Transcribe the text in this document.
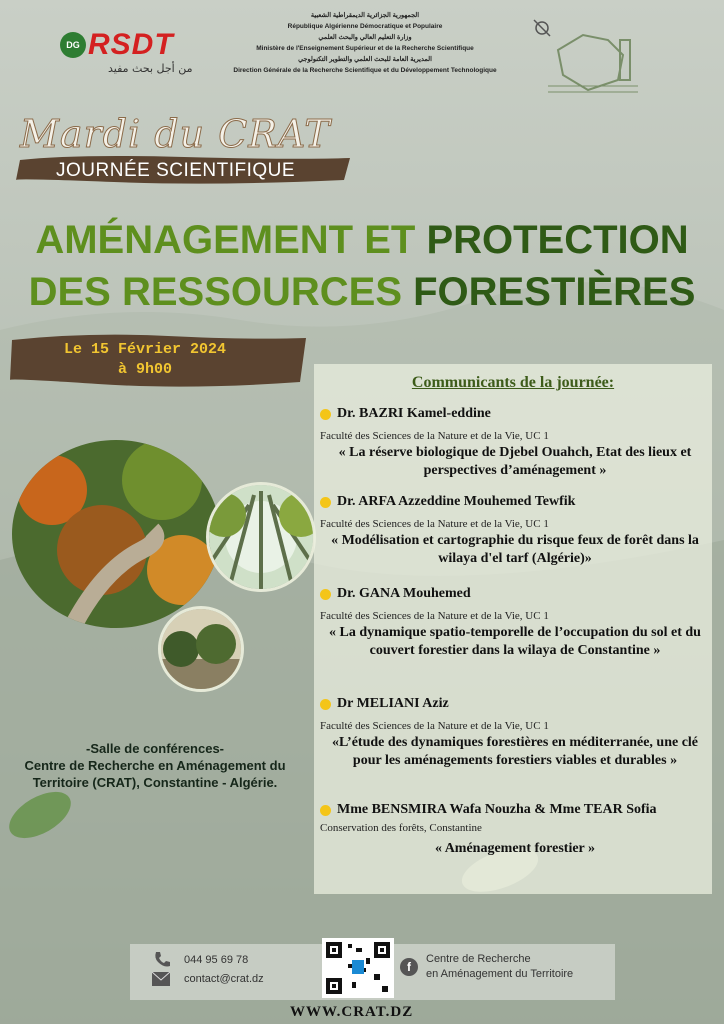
DG RSDT
من أجل بحث مفيد
الجمهورية الجزائرية الديمقراطية الشعبية
République Algérienne Démocratique et Populaire
وزارة التعليم العالي والبحث العلمي
Ministère de l'Enseignement Supérieur et de la Recherche Scientifique
المديرية العامة للبحث العلمي والتطوير التكنولوجي
Direction Générale de la Recherche Scientifique et du Développement Technologique
Mardi du CRAT
JOURNÉE SCIENTIFIQUE
AMÉNAGEMENT ET PROTECTION
DES RESSOURCES FORESTIÈRES
Le 15 Février 2024
à 9h00
-Salle de conférences-
Centre de Recherche en Aménagement du
Territoire (CRAT), Constantine - Algérie.
Communicants de la journée:
Dr. BAZRI Kamel-eddine
Faculté des Sciences de la Nature et de la Vie, UC 1
« La réserve biologique de Djebel Ouahch, Etat des lieux et perspectives d’aménagement »
Dr. ARFA Azzeddine Mouhemed Tewfik
Faculté des Sciences de la Nature et de la Vie, UC 1
« Modélisation et cartographie du risque feux de forêt dans la wilaya d'el tarf (Algérie)»
Dr. GANA Mouhemed
Faculté des Sciences de la Nature et de la Vie, UC 1
« La dynamique spatio-temporelle de l’occupation du sol et du couvert forestier dans la wilaya de Constantine »
Dr MELIANI Aziz
Faculté des Sciences de la Nature et de la Vie, UC 1
«L’étude des dynamiques forestières en méditerranée, une clé pour les aménagements forestiers viables et durables »
Mme BENSMIRA Wafa Nouzha & Mme TEAR Sofia
Conservation des forêts, Constantine
« Aménagement forestier »
044 95 69 78
contact@crat.dz
f
Centre de Recherche
en Aménagement du Territoire
WWW.CRAT.DZ
